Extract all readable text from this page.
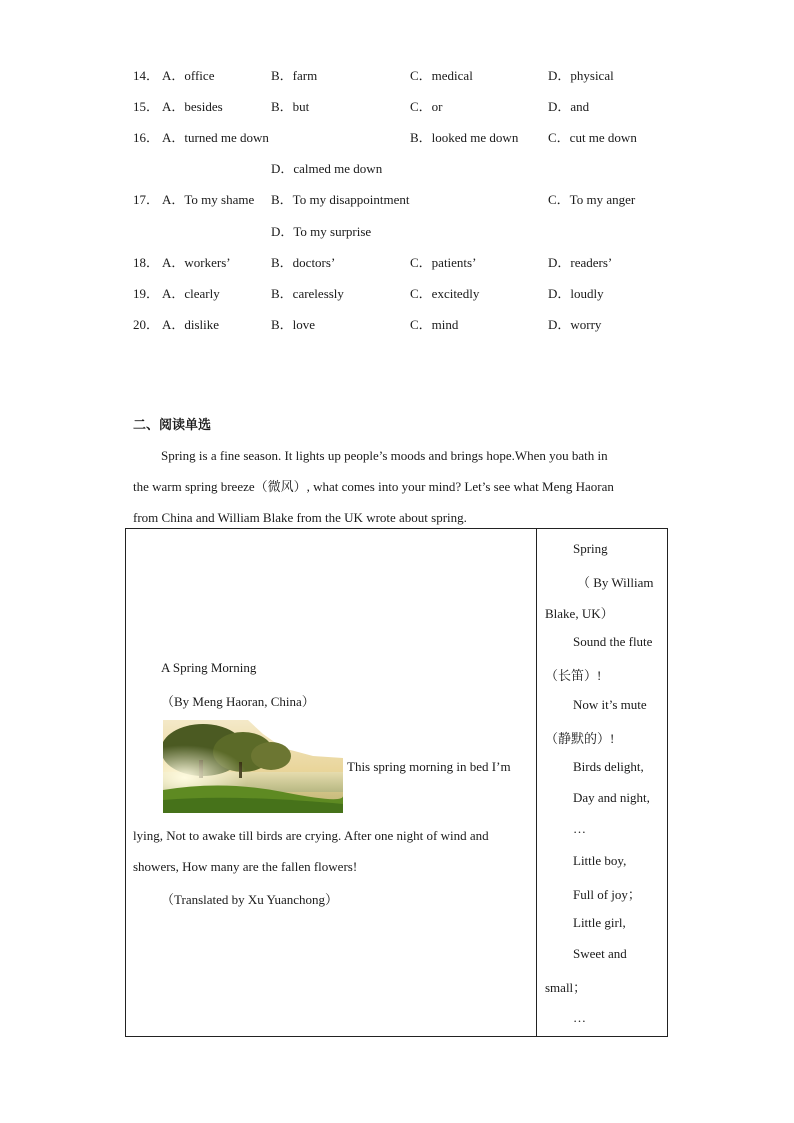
14． A．office	B．farm	C．medical	D．physical
15． A．besides	B．but	C．or	D．and
16． A．turned me down	B．looked me down C．cut me down
D．calmed me down
17． A．To my shame B．To my disappointment	C．To my anger
D．To my surprise
18． A．workers’	B．doctors’	C．patients’	D．readers’
19． A．clearly	B．carelessly	C．excitedly	D．loudly
20． A．dislike	B．love	C．mind	D．worry
二、阅读单选

Spring is a fine season. It lights up people’s moods and brings hope.When you bath in

the warm spring breeze（微风）, what comes into your mind? Let’s see what Meng Haoran

from China and William Blake from the UK wrote about spring.

A Spring Morning
（By Meng Haoran, China）
This spring morning in bed I’m

lying, Not to awake till birds are crying. After one night of wind and

showers, How many are the fallen flowers!

（Translated by Xu Yuanchong）
Spring
（ By William
Blake, UK）
Sound the flute
（长笛）!
Now it’s mute
（静默的）!
Birds delight,
Day and night,
…
Little boy,
Full of joy；
Little girl,
Sweet and
small；
…
